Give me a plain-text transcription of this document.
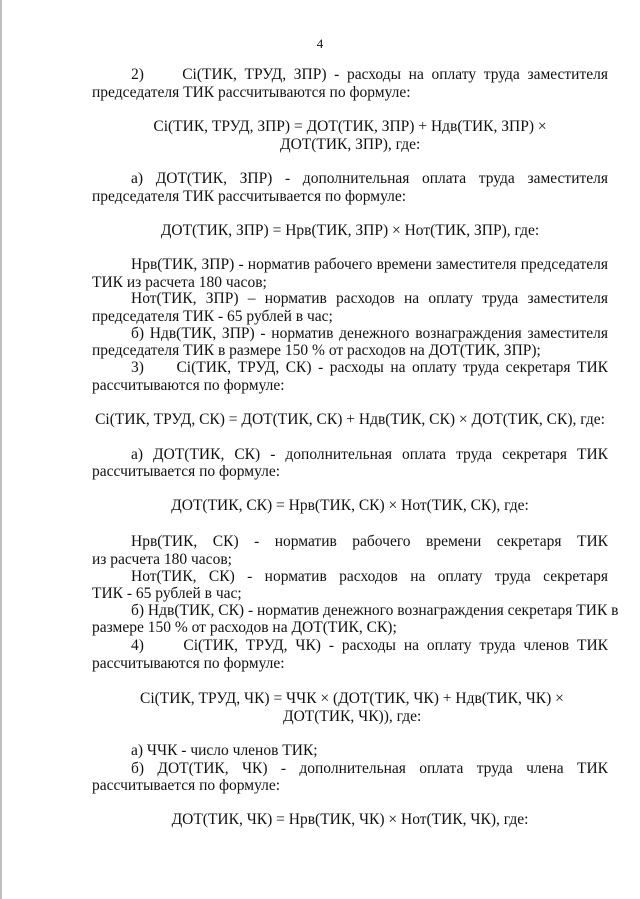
4
2)     Ci(ТИК, ТРУД, ЗПР) - расходы на оплату труда заместителя
председателя ТИК рассчитываются по формуле:
Ci(ТИК, ТРУД, ЗПР) = ДОТ(ТИК, ЗПР) + Ндв(ТИК, ЗПР) ×
ДОТ(ТИК, ЗПР), где:
а) ДОТ(ТИК, ЗПР) - дополнительная оплата труда заместителя
председателя ТИК рассчитывается по формуле:
ДОТ(ТИК, ЗПР) = Нрв(ТИК, ЗПР) × Нот(ТИК, ЗПР), где:
Нрв(ТИК, ЗПР) - норматив рабочего времени заместителя председателя
ТИК из расчета 180 часов;
Нот(ТИК, ЗПР) – норматив расходов на оплату труда заместителя
председателя ТИК - 65 рублей в час;
б) Ндв(ТИК, ЗПР) - норматив денежного вознаграждения заместителя
председателя ТИК в размере 150 % от расходов на ДОТ(ТИК, ЗПР);
3)     Ci(ТИК, ТРУД, СК) - расходы на оплату труда секретаря ТИК
рассчитываются по формуле:
Ci(ТИК, ТРУД, СК) = ДОТ(ТИК, СК) + Ндв(ТИК, СК) × ДОТ(ТИК, СК), где:
а) ДОТ(ТИК, СК) - дополнительная оплата труда секретаря ТИК
рассчитывается по формуле:
ДОТ(ТИК, СК) = Нрв(ТИК, СК) × Нот(ТИК, СК), где:
Нрв(ТИК, СК) - норматив рабочего времени секретаря ТИК
из расчета 180 часов;
Нот(ТИК, СК) - норматив расходов на оплату труда секретаря
ТИК - 65 рублей в час;
б) Ндв(ТИК, СК) - норматив денежного вознаграждения секретаря ТИК в
размере 150 % от расходов на ДОТ(ТИК, СК);
4)     Ci(ТИК, ТРУД, ЧК) - расходы на оплату труда членов ТИК
рассчитываются по формуле:
Ci(ТИК, ТРУД, ЧК) = ЧЧК × (ДОТ(ТИК, ЧК) + Ндв(ТИК, ЧК) ×
ДОТ(ТИК, ЧК)), где:
а) ЧЧК - число членов ТИК;
б) ДОТ(ТИК, ЧК) - дополнительная оплата труда члена ТИК
рассчитывается по формуле:
ДОТ(ТИК, ЧК) = Нрв(ТИК, ЧК) × Нот(ТИК, ЧК), где:
